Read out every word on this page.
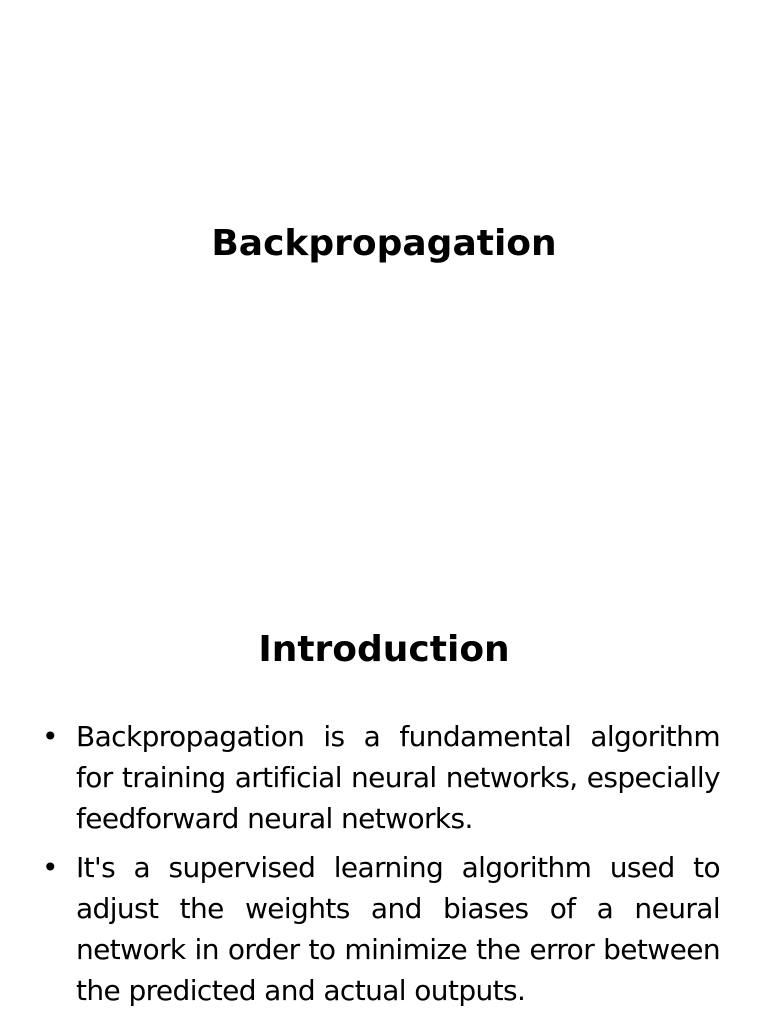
Backpropagation
Introduction
• Backpropagation is a fundamental algorithm for training artificial neural networks, especially feedforward neural networks.
• It's a supervised learning algorithm used to adjust the weights and biases of a neural network in order to minimize the error between the predicted and actual outputs.
